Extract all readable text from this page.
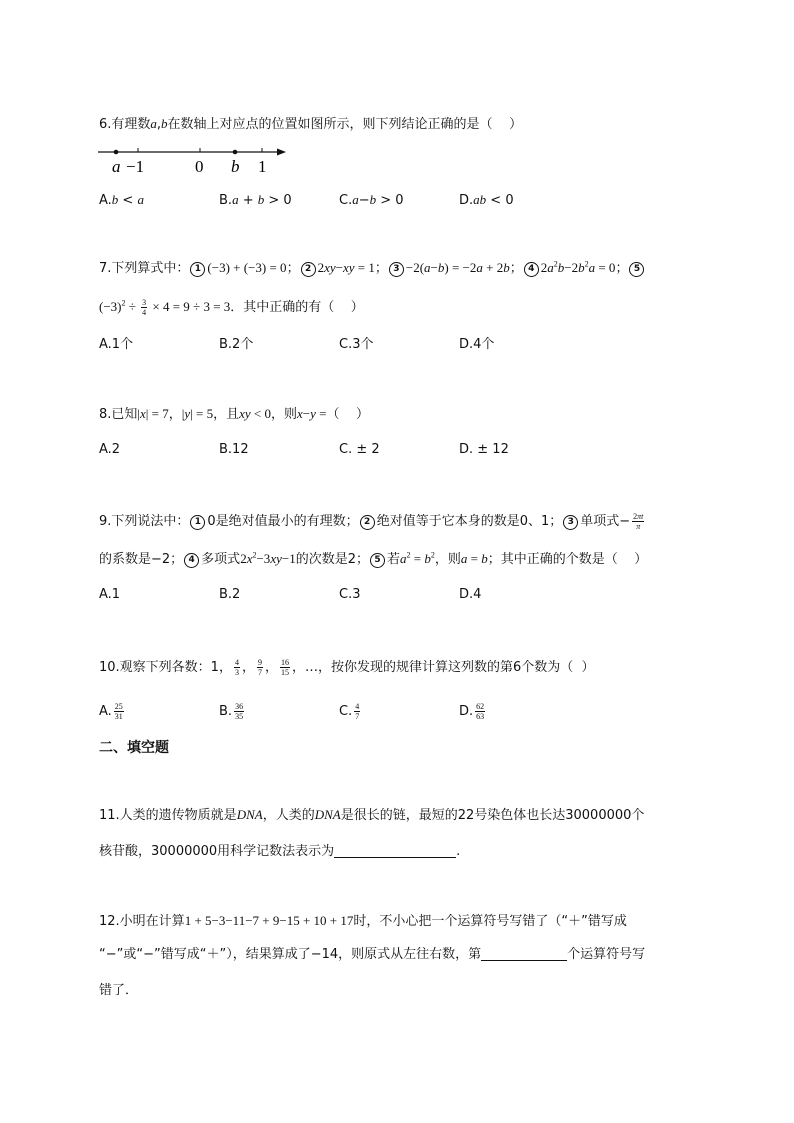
6.有理数a,b在数轴上对应点的位置如图所示，则下列结论正确的是（    ）
a −1	0 b 1
A.b < a	B.a + b > 0	C.a−b > 0	D.ab < 0
7.下列算式中： 1 (−3) + (−3) = 0； 2 2xy−xy = 1； 3 −2(a−b) = −2a + 2b； 4 $2a^2b-2b^2a = 0$； 5
$(-3)^2 \div \frac{3}{4} \times 4 = 9 \div 3 = 3$．其中正确的有（    ）
A.1个	B.2个	C.3个	D.4个
8.已知|x| = 7，|y| = 5，且xy < 0，则x−y =（    ）
A.2	B.12	C. ± 2	D. ± 12
9.下列说法中： 1 0是绝对值最小的有理数； 2 绝对值等于它本身的数是0、1； 3 单项式− $\frac{2\pi t}{\pi}$
的系数是−2； 4 多项式$2x^2-3xy-1$的次数是2； 5 若$a^2 = b^2$，则a = b；其中正确的个数是（    ）
A.1	B.2	C.3	D.4
10.观察下列各数：1， $\frac{4}{3}$ ， $\frac{9}{7}$ ， $\frac{16}{15}$ ，…，按你发现的规律计算这列数的第6个数为（  ）
A. $\frac{25}{31}$	B. $\frac{36}{35}$	C. $\frac{4}{7}$	D. $\frac{62}{63}$
二、填空题
11.人类的遗传物质就是DNA，人类的DNA是很长的链，最短的22号染色体也长达30000000个
核苷酸，30000000用科学记数法表示为	.
12.小明在计算1 + 5−3−11−7 + 9−15 + 10 + 17时，不小心把一个运算符号写错了（“＋”错写成
“−”或“−”错写成“＋”），结果算成了−14，则原式从左往右数，第	个运算符号写
错了．
